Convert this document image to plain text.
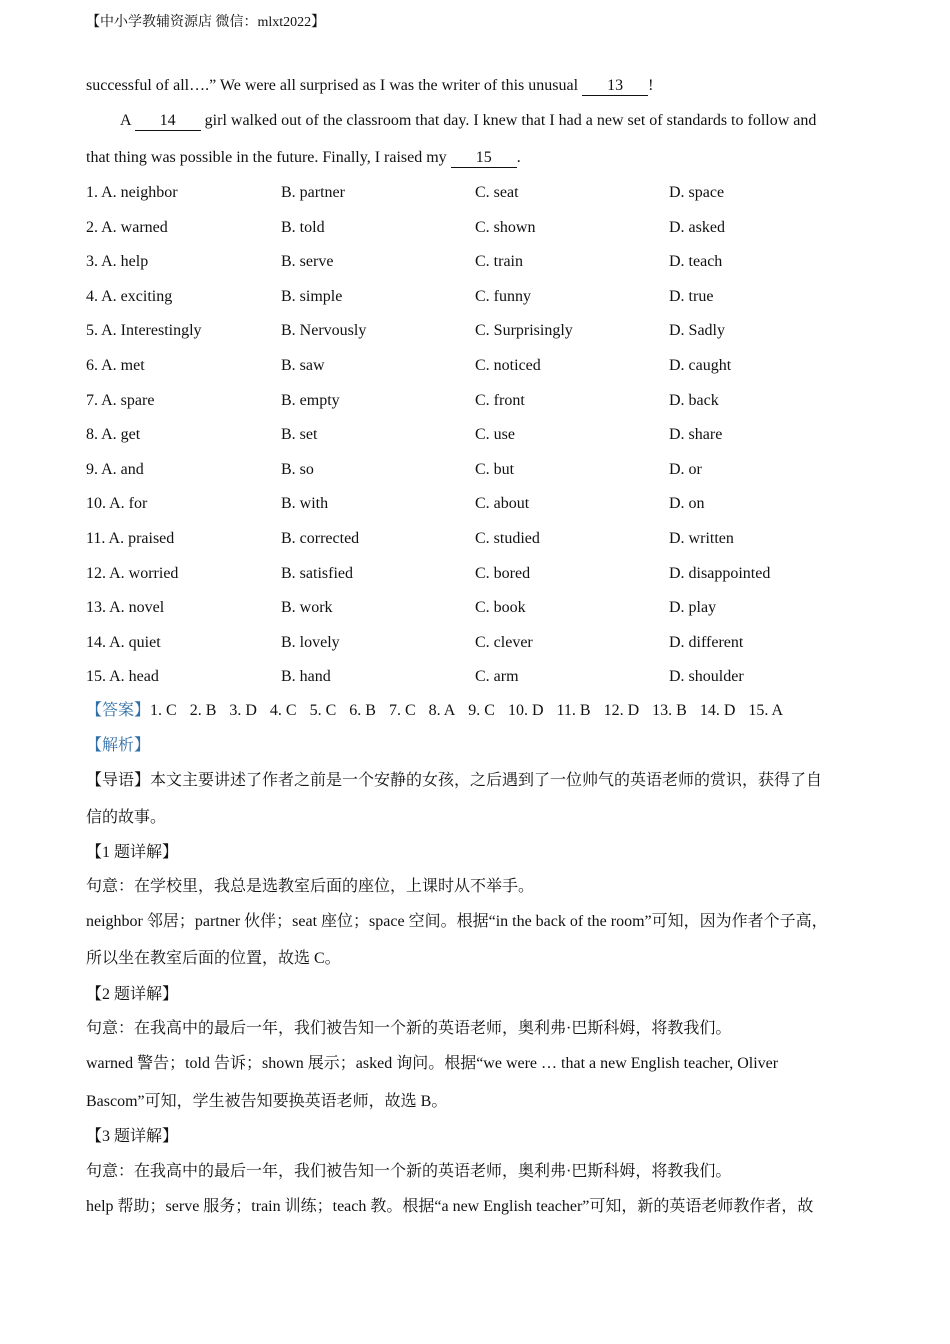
【中小学教辅资源店 微信：mlxt2022】
successful of all….” We were all surprised as I was the writer of this unusual 13 !
A 14 girl walked out of the classroom that day. I knew that I had a new set of standards to follow and
that thing was possible in the future. Finally, I raised my 15 .
1. A. neighbor	B. partner	C. seat	D. space
2. A. warned	B. told	C. shown	D. asked
3. A. help	B. serve	C. train	D. teach
4. A. exciting	B. simple	C. funny	D. true
5. A. Interestingly	B. Nervously	C. Surprisingly	D. Sadly
6. A. met	B. saw	C. noticed	D. caught
7. A. spare	B. empty	C. front	D. back
8. A. get	B. set	C. use	D. share
9. A. and	B. so	C. but	D. or
10. A. for	B. with	C. about	D. on
11. A. praised	B. corrected	C. studied	D. written
12. A. worried	B. satisfied	C. bored	D. disappointed
13. A. novel	B. work	C. book	D. play
14. A. quiet	B. lovely	C. clever	D. different
15. A. head	B. hand	C. arm	D. shoulder
【答案】1. C 2. B 3. D 4. C 5. C 6. B 7. C 8. A 9. C 10. D 11. B 12. D 13. B 14. D 15. A
【解析】
【导语】本文主要讲述了作者之前是一个安静的女孩，之后遇到了一位帅气的英语老师的赏识，获得了自
信的故事。
【1 题详解】
句意：在学校里，我总是选教室后面的座位，上课时从不举手。
neighbor 邻居；partner 伙伴；seat 座位；space 空间。根据“in the back of the room”可知，因为作者个子高，
所以坐在教室后面的位置，故选 C。
【2 题详解】
句意：在我高中的最后一年，我们被告知一个新的英语老师，奥利弗·巴斯科姆，将教我们。
warned 警告；told 告诉；shown 展示；asked 询问。根据“we were … that a new English teacher, Oliver
Bascom”可知，学生被告知要换英语老师，故选 B。
【3 题详解】
句意：在我高中的最后一年，我们被告知一个新的英语老师，奥利弗·巴斯科姆，将教我们。
help 帮助；serve 服务；train 训练；teach 教。根据“a new English teacher”可知，新的英语老师教作者，故
